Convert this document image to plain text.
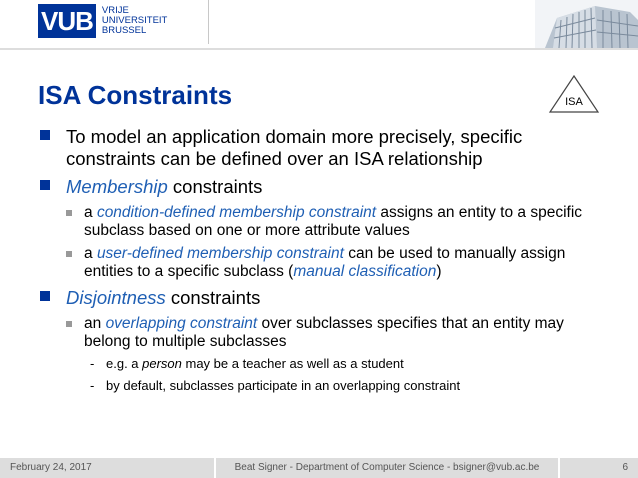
VUB VRIJE
UNIVERSITEIT
BRUSSEL
ISA Constraints	ISA
To model an application domain more precisely, specific constraints can be defined over an ISA relationship
Membership constraints
a condition-defined membership constraint assigns an entity to a specific subclass based on one or more attribute values
a user-defined membership constraint can be used to manually assign entities to a specific subclass (manual classification)
Disjointness constraints
an overlapping constraint over subclasses specifies that an entity may belong to multiple subclasses
- e.g. a person may be a teacher as well as a student
- by default, subclasses participate in an overlapping constraint
February 24, 2017	Beat Signer - Department of Computer Science - bsigner@vub.ac.be	6
